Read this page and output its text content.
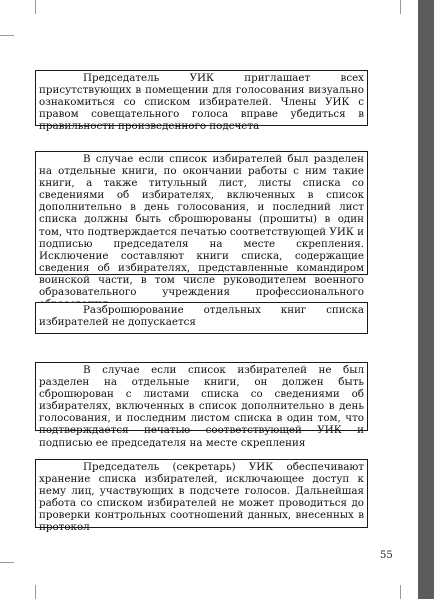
Председатель УИК приглашает всех присутствующих в помещении для голосования визуально ознакомиться со списком избирателей. Члены УИК с правом совещательного голоса вправе убедиться в правильности произведенного подсчета

В случае если список избирателей был разделен на отдельные книги, по окончании работы с ним такие книги, а также титульный лист, листы списка со сведениями об избирателях, включенных в список дополнительно в день голосования, и последний лист списка должны быть сброшюрованы (прошиты) в один том, что подтверждается печатью соответствующей УИК и подписью председателя на месте скрепления. Исключение составляют книги списка, содержащие сведения об избирателях, представленные командиром воинской части, в том числе руководителем военного образовательного учреждения профессионального

Разброшюрование отдельных книг списка избирателей не допускается

В случае если список избирателей не был разделен на отдельные книги, он должен быть сброшюрован с листами списка со сведениями об избирателях, включенных в список дополнительно в день голосования, и последним листом списка в один том, что подтверждается печатью соответствующей УИК и подписью ее председателя на месте скрепления

Председатель (секретарь) УИК обеспечивают хранение списка избирателей, исключающее доступ к нему лиц, участвующих в подсчете голосов. Дальнейшая работа со списком избирателей не может проводиться до проверки контрольных соотношений данных, внесенных в протокол

55
